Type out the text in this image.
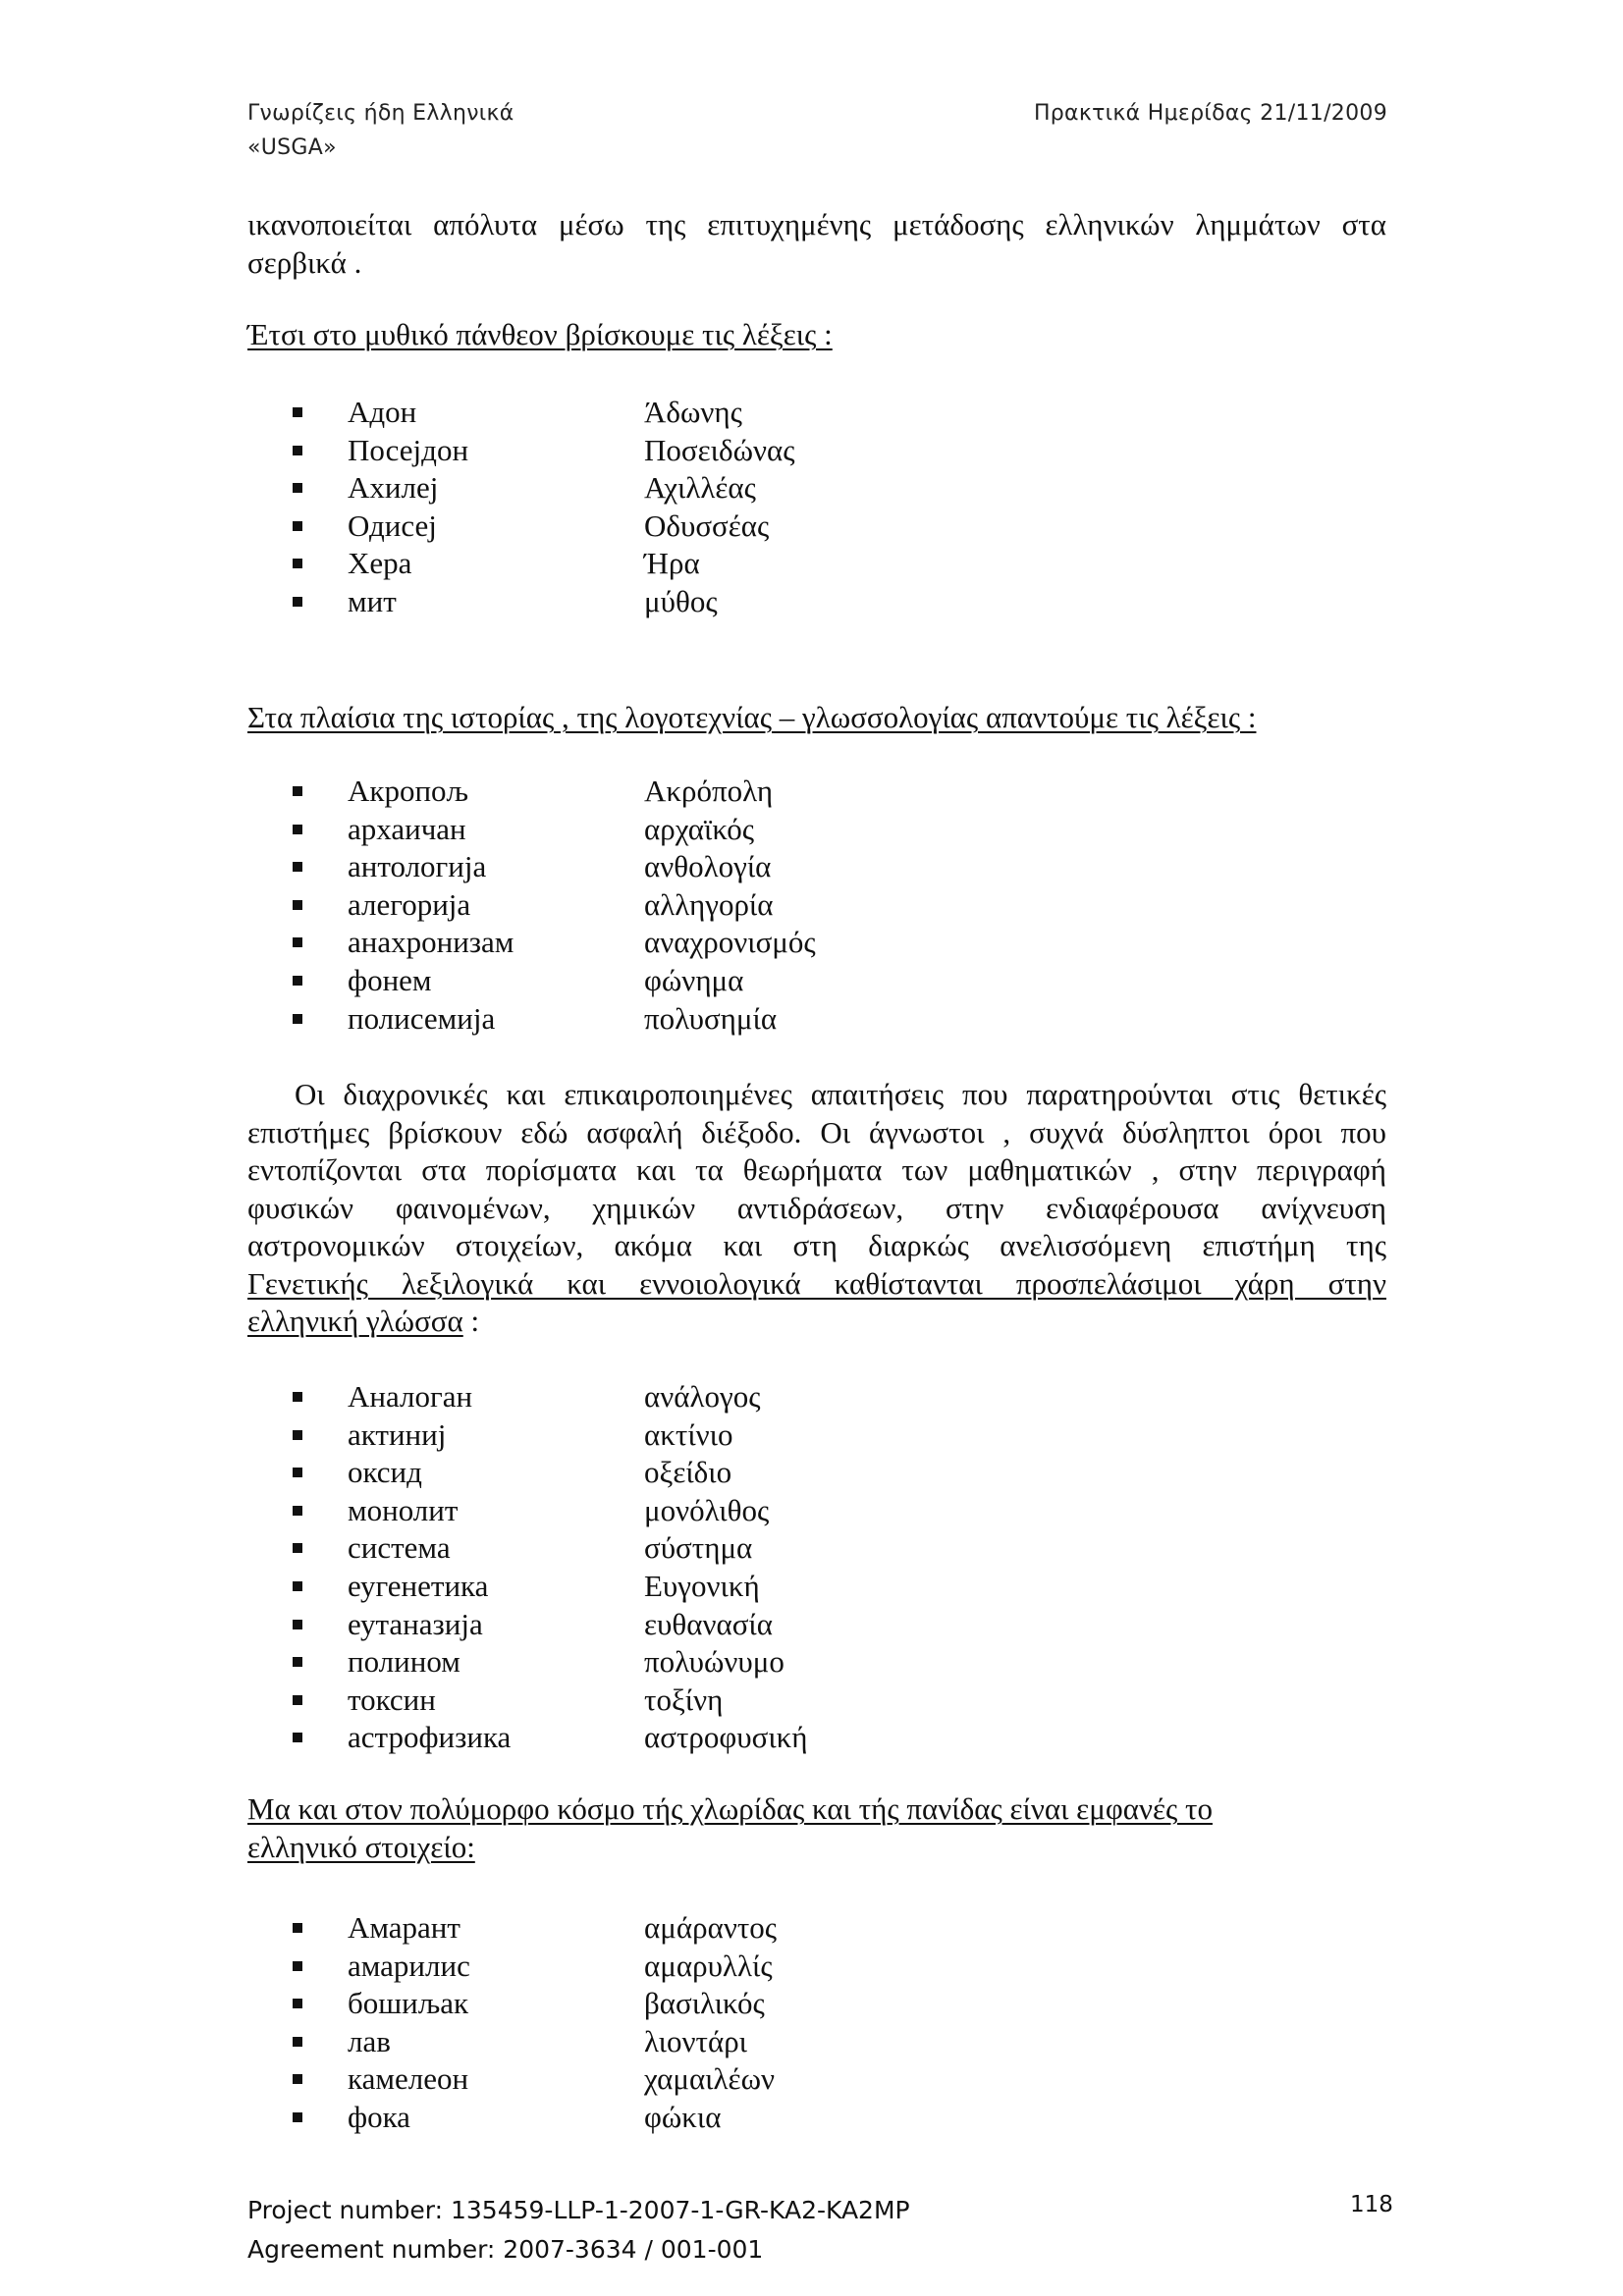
Γνωρίζεις ήδη Ελληνικά
«USGA»
Πρακτικά Ημερίδας 21/11/2009
ικανοποιείται απόλυτα μέσω της επιτυχημένης μετάδοσης ελληνικών λημμάτων στα
σερβικά .
Έτσι στο μυθικό πάνθεον βρίσκουμε τις λέξεις :
Адон	Άδωνης
Посејдон	Ποσειδώνας
Ахилеј	Αχιλλέας
Одисеј	Οδυσσέας
Хера	Ήρα
мит	μύθος
Στα πλαίσια της ιστορίας , της λογοτεχνίας – γλωσσολογίας απαντούμε τις λέξεις :
Акропољ	Ακρόπολη
архаичан	αρχαϊκός
антологија	ανθολογία
алегорија	αλληγορία
анахронизам	αναχρονισμός
фонем	φώνημα
полисемија	πολυσημία
Οι διαχρονικές και επικαιροποιημένες απαιτήσεις που παρατηρούνται στις θετικές
επιστήμες βρίσκουν εδώ ασφαλή διέξοδο. Οι άγνωστοι , συχνά δύσληπτοι όροι που
εντοπίζονται στα πορίσματα και τα θεωρήματα των μαθηματικών , στην περιγραφή
φυσικών φαινομένων, χημικών αντιδράσεων, στην ενδιαφέρουσα ανίχνευση
αστρονομικών στοιχείων, ακόμα και στη διαρκώς ανελισσόμενη επιστήμη της
Γενετικής λεξιλογικά και εννοιολογικά καθίστανται προσπελάσιμοι χάρη στην
ελληνική γλώσσα :
Аналоган	ανάλογος
актиниј	ακτίνιο
оксид	οξείδιο
монолит	μονόλιθος
система	σύστημα
еугенетика	Ευγονική
еутаназија	ευθανασία
полином	πολυώνυμο
токсин	τοξίνη
астрофизика	αστροφυσική
Μα και στον πολύμορφο κόσμο τής χλωρίδας και τής πανίδας είναι εμφανές το
ελληνικό στοιχείο:
Амарант	αμάραντος
амарилис	αμαρυλλίς
бошиљак	βασιλικός
лав	λιοντάρι
камелеон	χαμαιλέων
фока	φώκια
Project number: 135459-LLP-1-2007-1-GR-KA2-KA2MP
Agreement number: 2007-3634 / 001-001
118
